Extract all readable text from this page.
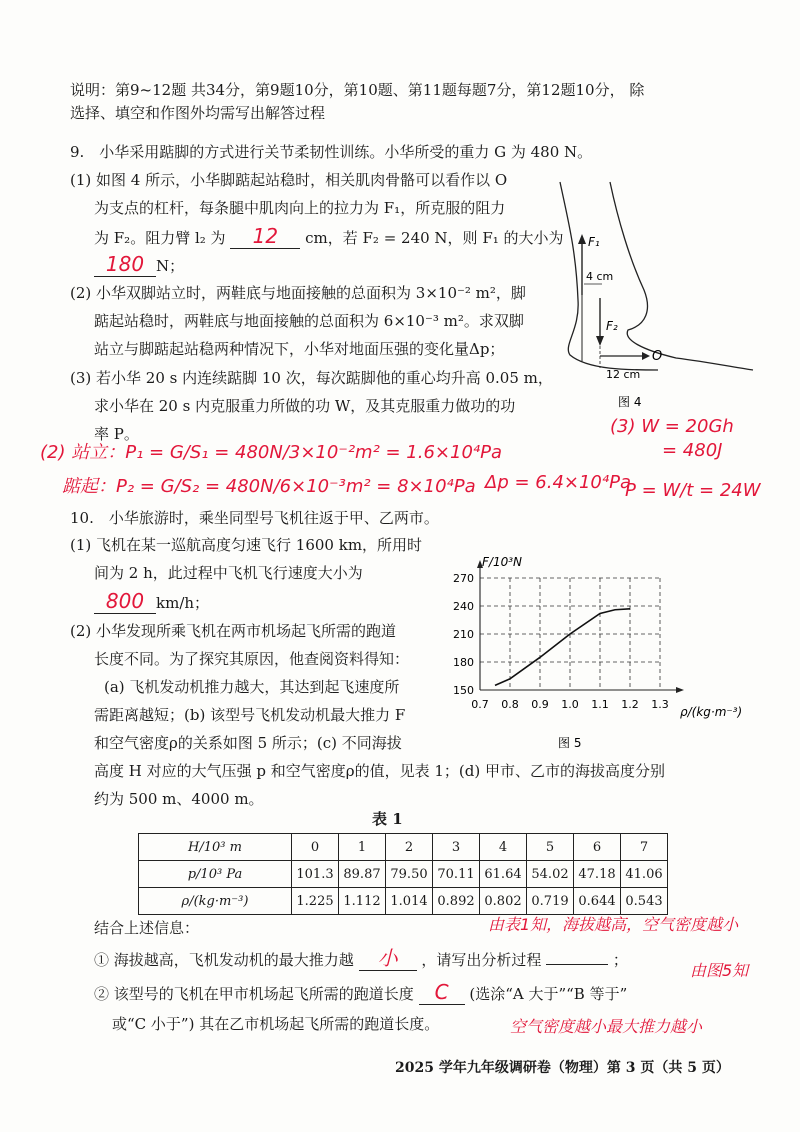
说明：第9~12题 共34分，第9题10分，第10题、第11题每题7分，第12题10分， 除
选择、填空和作图外均需写出解答过程
9.　小华采用踮脚的方式进行关节柔韧性训练。小华所受的重力 G 为 480 N。
(1) 如图 4 所示，小华脚踮起站稳时，相关肌肉骨骼可以看作以 O
为支点的杠杆，每条腿中肌肉向上的拉力为 F₁，所克服的阻力
为 F₂。阻力臂 l₂ 为 12 cm，若 F₂ = 240 N，则 F₁ 的大小为
180 N；
(2) 小华双脚站立时，两鞋底与地面接触的总面积为 3×10⁻² m²，脚
踮起站稳时，两鞋底与地面接触的总面积为 6×10⁻³ m²。求双脚
站立与脚踮起站稳两种情况下，小华对地面压强的变化量Δp；
(3) 若小华 20 s 内连续踮脚 10 次，每次踮脚他的重心均升高 0.05 m，
求小华在 20 s 内克服重力所做的功 W，及其克服重力做功的功
率 P。
F₁
4 cm
F₂
O
12 cm
图 4
(2) 站立：P₁ = G/S₁ = 480N/3×10⁻²m² = 1.6×10⁴Pa
踮起：P₂ = G/S₂ = 480N/6×10⁻³m² = 8×10⁴Pa Δp = 6.4×10⁴Pa
(3) W = 20Gh
= 480J
P = W/t = 24W
10.　小华旅游时，乘坐同型号飞机往返于甲、乙两市。
(1) 飞机在某一巡航高度匀速飞行 1600 km，所用时
间为 2 h，此过程中飞机飞行速度大小为
800 km/h；
(2) 小华发现所乘飞机在两市机场起飞所需的跑道
长度不同。为了探究其原因，他查阅资料得知：
(a) 飞机发动机推力越大，其达到起飞速度所
需距离越短；(b) 该型号飞机发动机最大推力 F
和空气密度ρ的关系如图 5 所示；(c) 不同海拔
高度 H 对应的大气压强 p 和空气密度ρ的值，见表 1；(d) 甲市、乙市的海拔高度分别
约为 500 m、4000 m。
0.7 0.8 0.9 1.0 1.1 1.2 1.3
150
180
210
240
270
F/10³N
ρ/(kg·m⁻³)
图 5
表 1
H/10³ m	0	1	2	3	4	5	6	7
p/10³ Pa	101.3	89.87	79.50	70.11	61.64	54.02	47.18	41.06
ρ/(kg·m⁻³)	1.225	1.112	1.014	0.892	0.802	0.719	0.644	0.543
结合上述信息：
① 海拔越高，飞机发动机的最大推力越 小 ，请写出分析过程	；
② 该型号的飞机在甲市机场起飞所需的跑道长度 C (选涂“A 大于”“B 等于”
或“C 小于”) 其在乙市机场起飞所需的跑道长度。
由表1知，海拔越高，空气密度越小
由图5知
空气密度越小最大推力越小
2025 学年九年级调研卷（物理）第 3 页（共 5 页）
